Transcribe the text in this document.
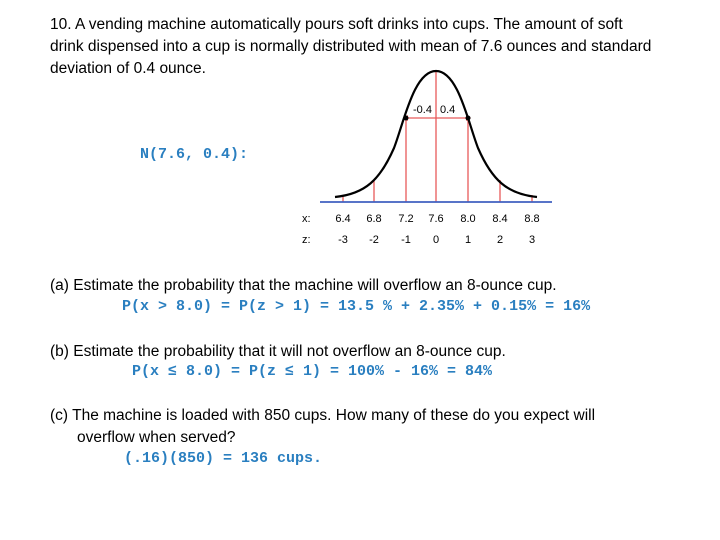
10. A vending machine automatically pours soft drinks into cups. The amount of soft
drink dispensed into a cup is normally distributed with mean of 7.6 ounces and standard
deviation of 0.4 ounce.
N(7.6, 0.4):
-0.4 0.4
x:
z:
6.4 6.8 7.2 7.6 8.0 8.4 8.8
-3 -2 -1 0 1 2 3
(a) Estimate the probability that the machine will overflow an 8-ounce cup.
P(x > 8.0) = P(z > 1) = 13.5 % + 2.35% + 0.15% = 16%
(b) Estimate the probability that it will not overflow an 8-ounce cup.
P(x ≤ 8.0) = P(z ≤ 1) = 100% - 16% = 84%
(c) The machine is loaded with 850 cups. How many of these do you expect will
overflow when served?
(.16)(850) = 136 cups.
